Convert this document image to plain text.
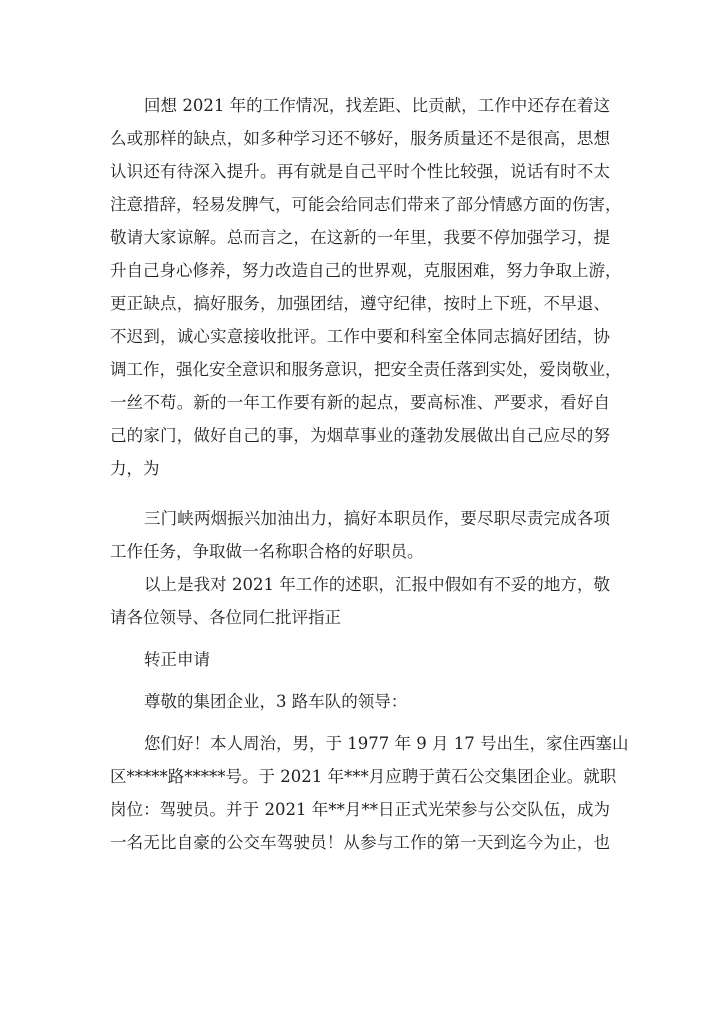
回想 2021 年的工作情况，找差距、比贡献，工作中还存在着这
么或那样的缺点，如多种学习还不够好，服务质量还不是很高，思想
认识还有待深入提升。再有就是自己平时个性比较强，说话有时不太
注意措辞，轻易发脾气，可能会给同志们带来了部分情感方面的伤害，
敬请大家谅解。总而言之，在这新的一年里，我要不停加强学习，提
升自己身心修养，努力改造自己的世界观，克服困难，努力争取上游，
更正缺点，搞好服务，加强团结，遵守纪律，按时上下班，不早退、
不迟到，诚心实意接收批评。工作中要和科室全体同志搞好团结，协
调工作，强化安全意识和服务意识，把安全责任落到实处，爱岗敬业，
一丝不苟。新的一年工作要有新的起点，要高标准、严要求，看好自
己的家门，做好自己的事，为烟草事业的蓬勃发展做出自己应尽的努
力，为
三门峡两烟振兴加油出力，搞好本职员作，要尽职尽责完成各项
工作任务，争取做一名称职合格的好职员。
以上是我对 2021 年工作的述职，汇报中假如有不妥的地方，敬
请各位领导、各位同仁批评指正
转正申请
尊敬的集团企业，3 路车队的领导：
您们好！本人周治，男，于 1977 年 9 月 17 号出生，家住西塞山
区*****路*****号。于 2021 年***月应聘于黄石公交集团企业。就职
岗位：驾驶员。并于 2021 年**月**日正式光荣参与公交队伍，成为
一名无比自豪的公交车驾驶员！从参与工作的第一天到迄今为止，也
